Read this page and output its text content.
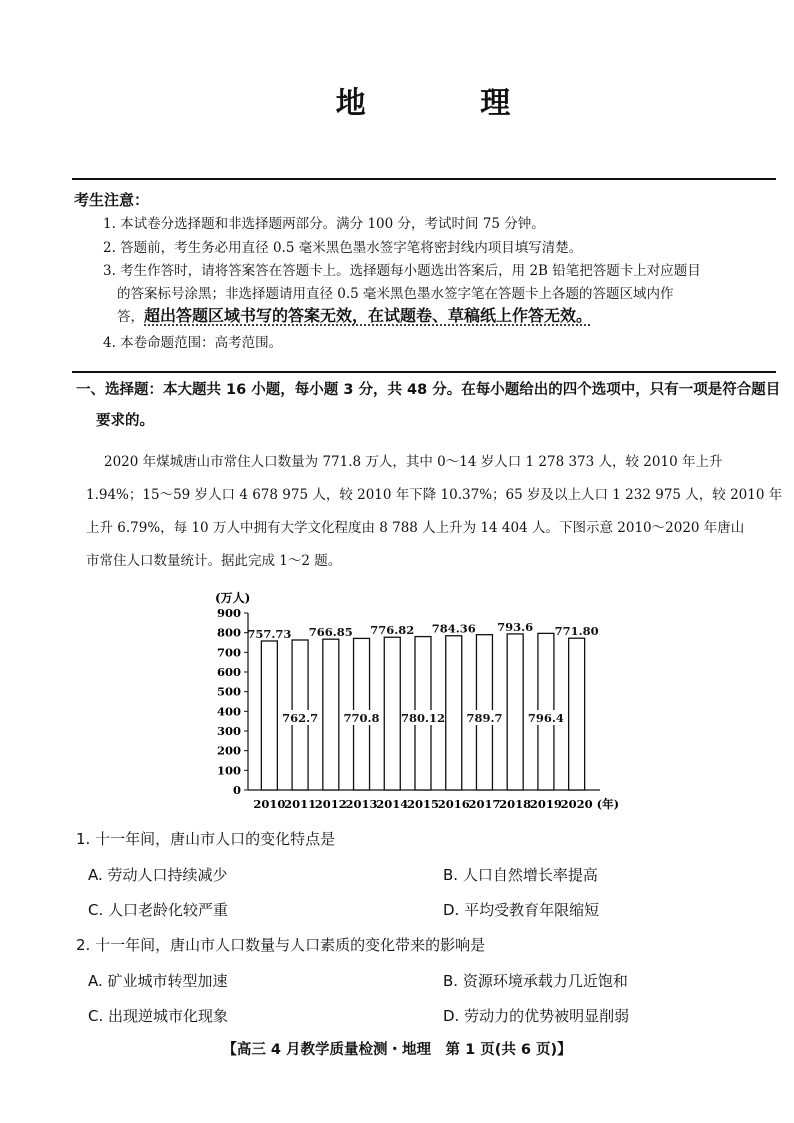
地 理
考生注意：
1. 本试卷分选择题和非选择题两部分。满分 100 分，考试时间 75 分钟。
2. 答题前，考生务必用直径 0.5 毫米黑色墨水签字笔将密封线内项目填写清楚。
3. 考生作答时，请将答案答在答题卡上。选择题每小题选出答案后，用 2B 铅笔把答题卡上对应题目
的答案标号涂黑；非选择题请用直径 0.5 毫米黑色墨水签字笔在答题卡上各题的答题区域内作
答，超出答题区域书写的答案无效，在试题卷、草稿纸上作答无效。
4. 本卷命题范围：高考范围。
一、选择题：本大题共 16 小题，每小题 3 分，共 48 分。在每小题给出的四个选项中，只有一项是符合题目
要求的。
2020 年煤城唐山市常住人口数量为 771.8 万人，其中 0～14 岁人口 1 278 373 人，较 2010 年上升
1.94%；15～59 岁人口 4 678 975 人，较 2010 年下降 10.37%；65 岁及以上人口 1 232 975 人，较 2010 年
上升 6.79%，每 10 万人中拥有大学文化程度由 8 788 人上升为 14 404 人。下图示意 2010～2020 年唐山
市常住人口数量统计。据此完成 1～2 题。
(万人)
0
100
200
300
400
500
600
700
800
900
757.73
762.7
766.85
770.8
776.82
780.12
784.36
789.7
793.6
796.4
771.80
2010
2011
2012
2013
2014
2015
2016
2017
2018
2019
2020 (年)
1. 十一年间，唐山市人口的变化特点是
A. 劳动人口持续减少	B. 人口自然增长率提高
C. 人口老龄化较严重	D. 平均受教育年限缩短
2. 十一年间，唐山市人口数量与人口素质的变化带来的影响是
A. 矿业城市转型加速	B. 资源环境承载力几近饱和
C. 出现逆城市化现象	D. 劳动力的优势被明显削弱
【高三 4 月教学质量检测・地理　第 1 页(共 6 页)】
